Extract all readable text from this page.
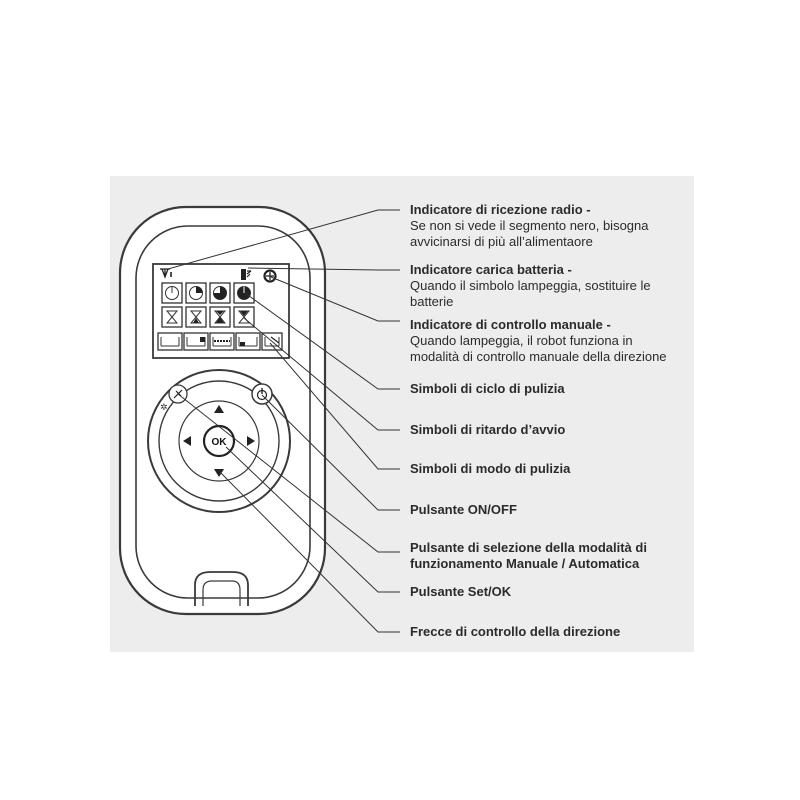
✲
OK
Indicatore di ricezione radio -
Se non si vede il segmento nero, bisogna
avvicinarsi di più all’alimentaore
Indicatore carica batteria -
Quando il simbolo lampeggia, sostituire le
batterie
Indicatore di controllo manuale -
Quando lampeggia, il robot funziona in
modalità di controllo manuale della direzione
Simboli di ciclo di pulizia
Simboli di ritardo d’avvio
Simboli di modo di pulizia
Pulsante ON/OFF
Pulsante di selezione della modalità di
funzionamento Manuale / Automatica
Pulsante Set/OK
Frecce di controllo della direzione
